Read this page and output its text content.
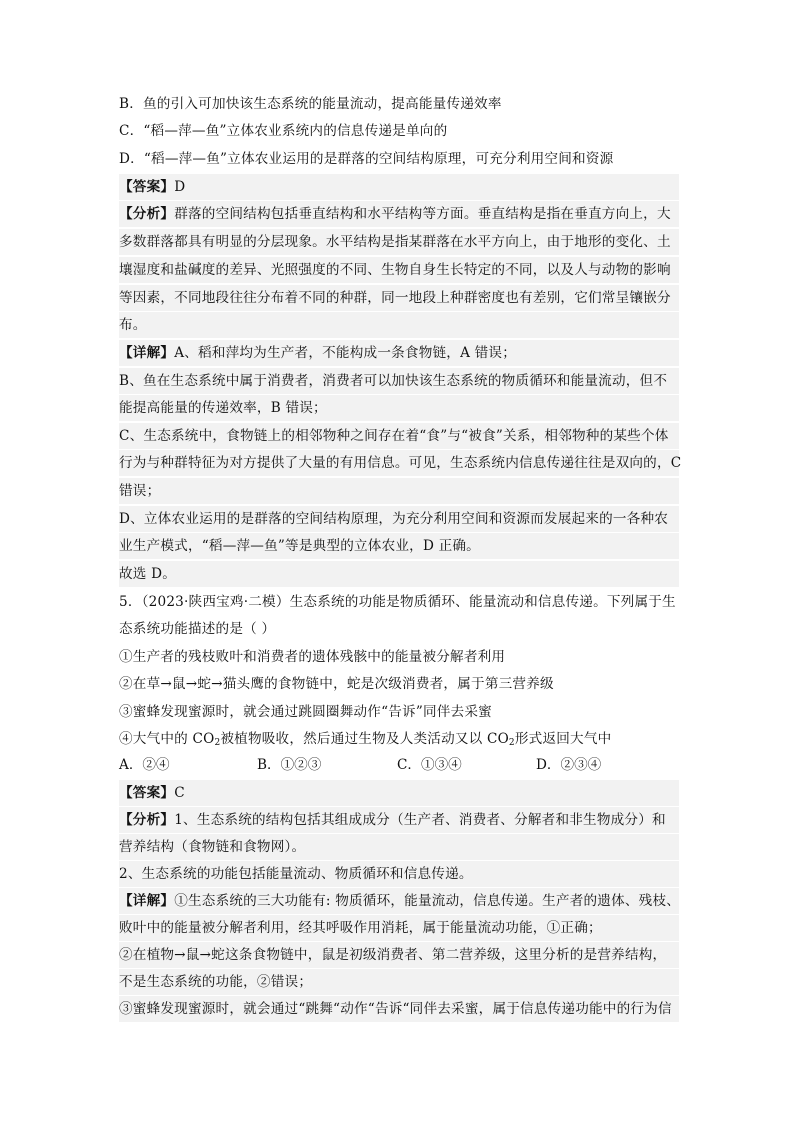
B．鱼的引入可加快该生态系统的能量流动，提高能量传递效率
C．“稻—萍—鱼”立体农业系统内的信息传递是单向的
D．“稻—萍—鱼”立体农业运用的是群落的空间结构原理，可充分利用空间和资源
【答案】D
【分析】群落的空间结构包括垂直结构和水平结构等方面。垂直结构是指在垂直方向上，大
多数群落都具有明显的分层现象。水平结构是指某群落在水平方向上，由于地形的变化、土
壤湿度和盐碱度的差异、光照强度的不同、生物自身生长特定的不同，以及人与动物的影响
等因素，不同地段往往分布着不同的种群，同一地段上种群密度也有差别，它们常呈镶嵌分
布。
【详解】A、稻和萍均为生产者，不能构成一条食物链，A 错误；
B、鱼在生态系统中属于消费者，消费者可以加快该生态系统的物质循环和能量流动，但不
能提高能量的传递效率，B 错误；
C、生态系统中，食物链上的相邻物种之间存在着“食”与“被食”关系，相邻物种的某些个体
行为与种群特征为对方提供了大量的有用信息。可见，生态系统内信息传递往往是双向的，C
错误；
D、立体农业运用的是群落的空间结构原理，为充分利用空间和资源而发展起来的一各种农
业生产模式，“稻—萍—鱼”等是典型的立体农业，D 正确。
故选 D。
5．（2023·陕西宝鸡·二模）生态系统的功能是物质循环、能量流动和信息传递。下列属于生
态系统功能描述的是（ ）
①生产者的残枝败叶和消费者的遗体残骸中的能量被分解者利用
②在草→鼠→蛇→猫头鹰的食物链中，蛇是次级消费者，属于第三营养级
③蜜蜂发现蜜源时，就会通过跳圆圈舞动作“告诉”同伴去采蜜
④大气中的 $CO_2$被植物吸收，然后通过生物及人类活动又以 $CO_2$形式返回大气中
A．②④	B．①②③	C．①③④	D．②③④
【答案】C
【分析】1、生态系统的结构包括其组成成分（生产者、消费者、分解者和非生物成分）和
营养结构（食物链和食物网）。
2、生态系统的功能包括能量流动、物质循环和信息传递。
【详解】①生态系统的三大功能有: 物质循环，能量流动，信息传递。生产者的遗体、残枝、
败叶中的能量被分解者利用，经其呼吸作用消耗，属于能量流动功能，①正确；
②在植物→鼠→蛇这条食物链中，鼠是初级消费者、第二营养级，这里分析的是营养结构，
不是生态系统的功能，②错误；
③蜜蜂发现蜜源时，就会通过“跳舞“动作“告诉“同伴去采蜜，属于信息传递功能中的行为信
